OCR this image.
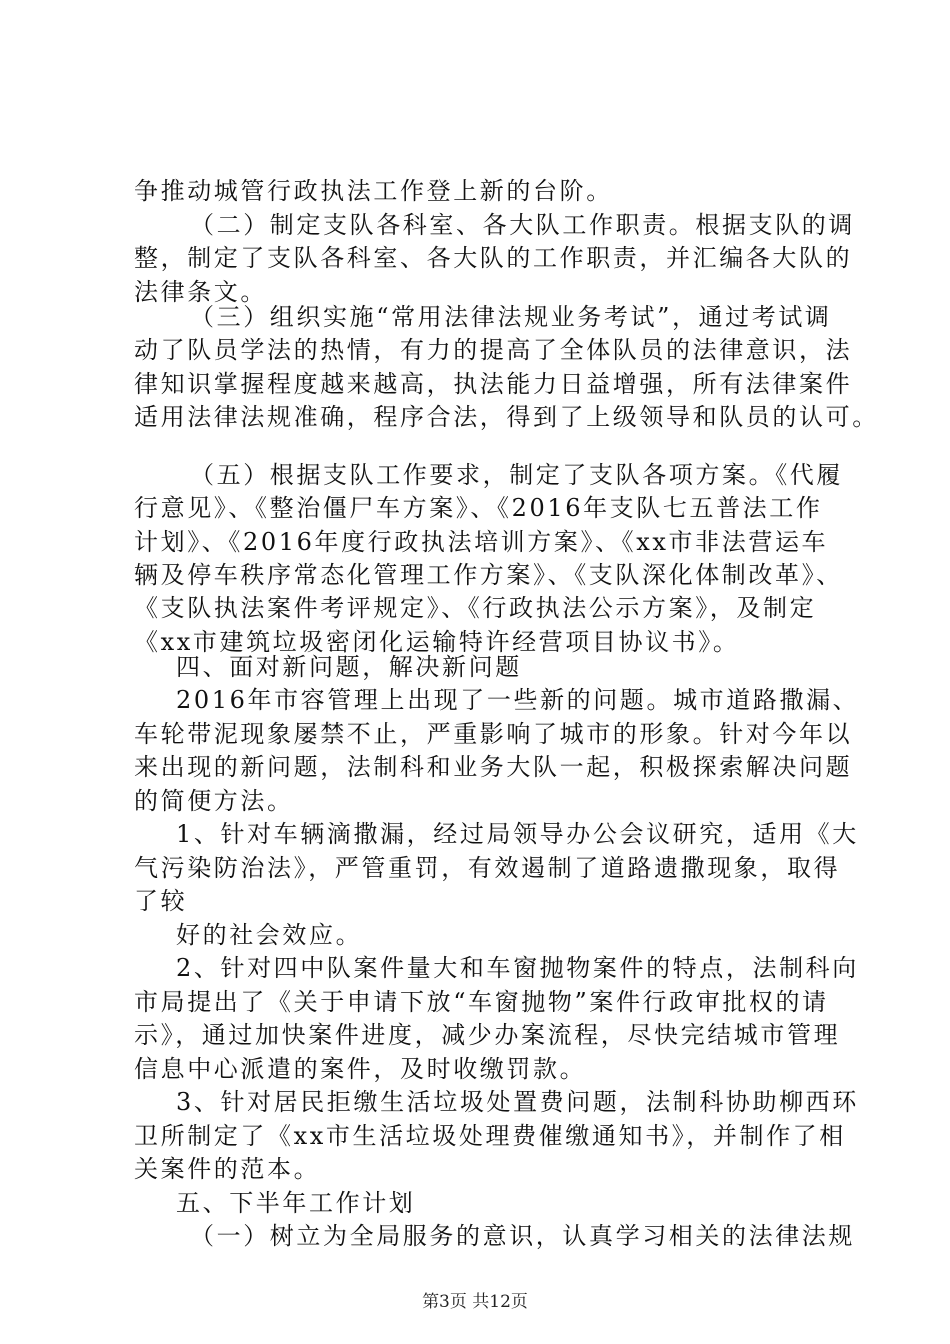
争推动城管行政执法工作登上新的台阶。
（二）制定支队各科室、各大队工作职责。根据支队的调
整，制定了支队各科室、各大队的工作职责，并汇编各大队的
法律条文。
（三）组织实施“常用法律法规业务考试”，通过考试调
动了队员学法的热情，有力的提高了全体队员的法律意识，法
律知识掌握程度越来越高，执法能力日益增强，所有法律案件
适用法律法规准确，程序合法，得到了上级领导和队员的认可。
（五）根据支队工作要求，制定了支队各项方案。《代履
行意见》、《整治僵尸车方案》、《2016年支队七五普法工作
计划》、《2016年度行政执法培训方案》、《xx市非法营运车
辆及停车秩序常态化管理工作方案》、《支队深化体制改革》、
《支队执法案件考评规定》、《行政执法公示方案》，及制定
《xx市建筑垃圾密闭化运输特许经营项目协议书》。
四、面对新问题，解决新问题
2016年市容管理上出现了一些新的问题。城市道路撒漏、
车轮带泥现象屡禁不止，严重影响了城市的形象。针对今年以
来出现的新问题，法制科和业务大队一起，积极探索解决问题
的简便方法。
1、针对车辆滴撒漏，经过局领导办公会议研究，适用《大
气污染防治法》，严管重罚，有效遏制了道路遗撒现象，取得
了较
好的社会效应。
2、针对四中队案件量大和车窗抛物案件的特点，法制科向
市局提出了《关于申请下放“车窗抛物”案件行政审批权的请
示》，通过加快案件进度，减少办案流程，尽快完结城市管理
信息中心派遣的案件，及时收缴罚款。
3、针对居民拒缴生活垃圾处置费问题，法制科协助柳西环
卫所制定了《xx市生活垃圾处理费催缴通知书》，并制作了相
关案件的范本。
五、下半年工作计划
第3页 共12页
（一）树立为全局服务的意识，认真学习相关的法律法规
